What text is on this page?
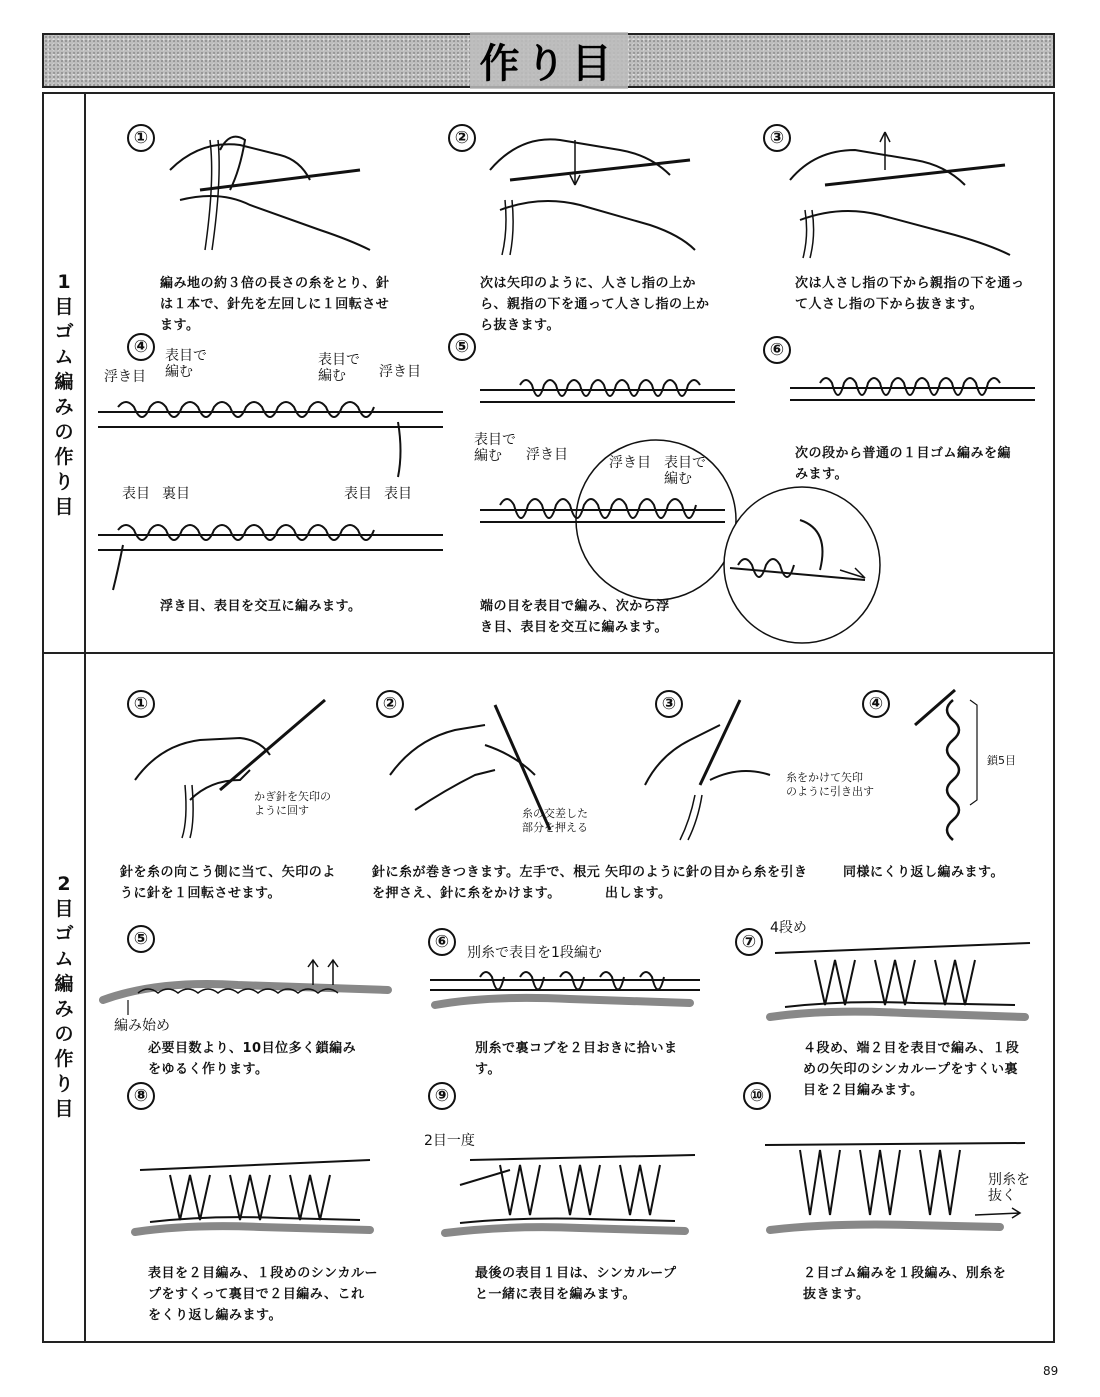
作り目
1
目
ゴ
ム
編
み
の
作
り
目
2
目
ゴ
ム
編
み
の
作
り
目
①
編み地の約３倍の長さの糸をとり、針は１本で、針先を左回しに１回転させます。
②
次は矢印のように、人さし指の上から、親指の下を通って人さし指の上から抜きます。
③
次は人さし指の下から親指の下を通って人さし指の下から抜きます。
④
浮き目
表目で
編む
表目で
編む	浮き目
表目 裏目	表目 表目
浮き目、表目を交互に編みます。
⑤
表目で
編む	浮き目	浮き目 表目で
編む
端の目を表目で編み、次から浮き目、表目を交互に編みます。
⑥
次の段から普通の１目ゴム編みを編みます。
①
かぎ針を矢印の
ように回す
針を糸の向こう側に当て、矢印のように針を１回転させます。
②
糸の交差した
部分を押える
針に糸が巻きつきます。左手で、根元を押さえ、針に糸をかけます。
③
糸をかけて矢印
のように引き出す
矢印のように針の目から糸を引き出します。
④
鎖5目
同様にくり返し編みます。
⑤
編み始め
必要目数より、10目位多く鎖編みをゆるく作ります。
⑥
別糸で表目を1段編む
別糸で裏コブを２目おきに拾います。
⑦
4段め
４段め、端２目を表目で編み、１段めの矢印のシンカループをすくい裏目を２目編みます。
⑧
表目を２目編み、１段めのシンカループをすくって裏目で２目編み、これをくり返し編みます。
⑨
2目一度
最後の表目１目は、シンカループと一緒に表目を編みます。
⑩
別糸を
抜く
２目ゴム編みを１段編み、別糸を抜きます。
89
